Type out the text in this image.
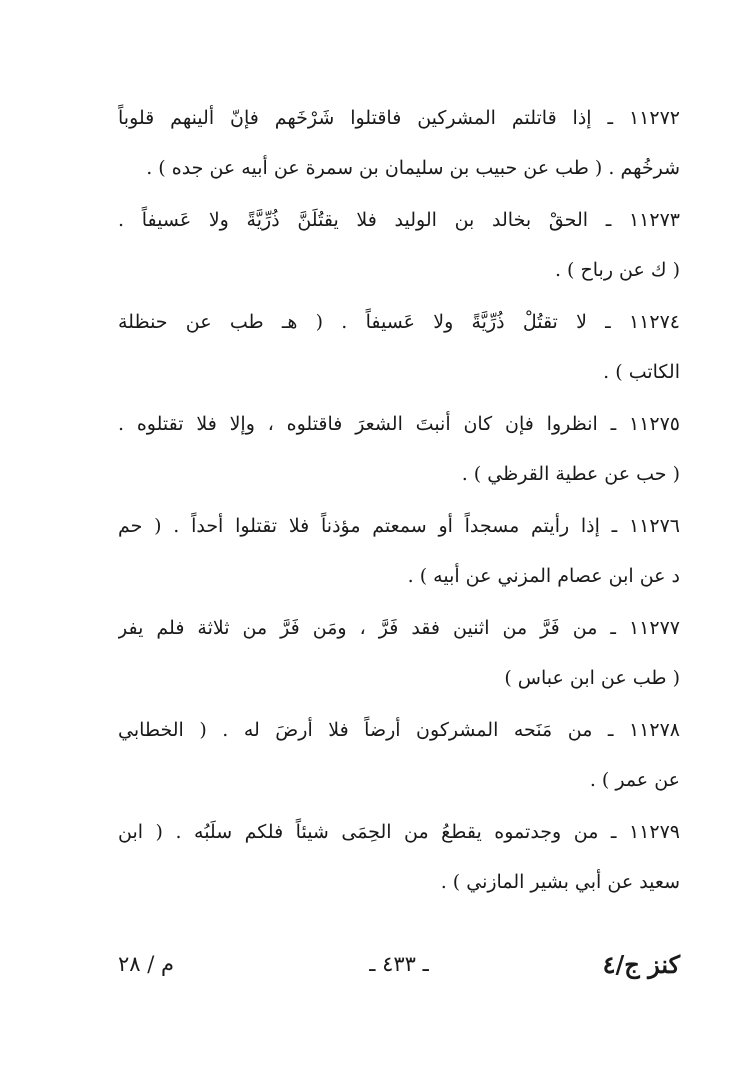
١١٢٧٢ ـ إذا قاتلتم المشركين فاقتلوا شَرْخَهم فإنّ ألينهم قلوباً
شرخُهم . ( طب عن حبيب بن سليمان بن سمرة عن أبيه عن جده ) .
١١٢٧٣ ـ الحقْ بخالد بن الوليد فلا يقتُلَنَّ ذُرِّيَّةً ولا عَسيفاً .
( ك عن رباح ) .
١١٢٧٤ ـ لا تقتُلْ ذُرِّيَّةً ولا عَسيفاً . ( هـ طب عن حنظلة
الكاتب ) .
١١٢٧٥ ـ انظروا فإن كان أنبتَ الشعرَ فاقتلوه ، وإلا فلا تقتلوه .
( حب عن عطية القرظي ) .
١١٢٧٦ ـ إذا رأيتم مسجداً أو سمعتم مؤذناً فلا تقتلوا أحداً . ( حم
د عن ابن عصام المزني عن أبيه ) .
١١٢٧٧ ـ من فَرَّ من اثنين فقد فَرَّ ، ومَن فَرَّ من ثلاثة فلم يفر
( طب عن ابن عباس )
١١٢٧٨ ـ من مَنَحه المشركون أرضاً فلا أرضَ له . ( الخطابي
عن عمر ) .
١١٢٧٩ ـ من وجدتموه يقطعُ من الحِمَى شيئاً فلكم سلَبُه . ( ابن
سعيد عن أبي بشير المازني ) .
كنز ج/٤
ـ ٤٣٣ ـ
م / ٢٨
